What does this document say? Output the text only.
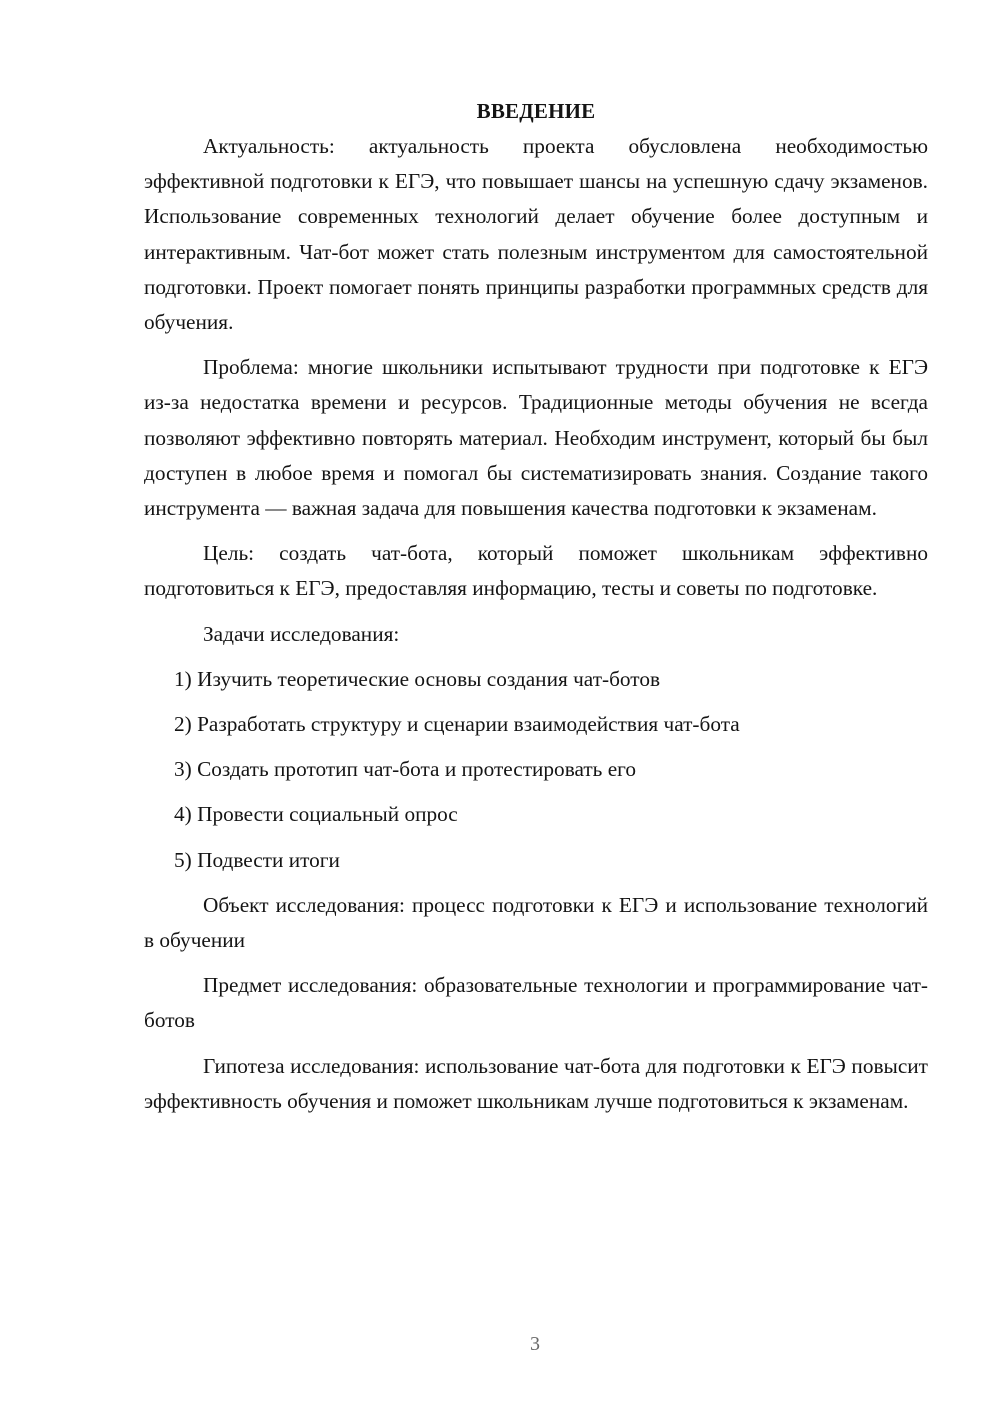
ВВЕДЕНИЕ

Актуальность: актуальность проекта обусловлена необходимостью эффективной подготовки к ЕГЭ, что повышает шансы на успешную сдачу экзаменов. Использование современных технологий делает обучение более доступным и интерактивным. Чат-бот может стать полезным инструментом для самостоятельной подготовки. Проект помогает понять принципы разработки программных средств для обучения.

Проблема: многие школьники испытывают трудности при подготовке к ЕГЭ из-за недостатка времени и ресурсов. Традиционные методы обучения не всегда позволяют эффективно повторять материал. Необходим инструмент, который бы был доступен в любое время и помогал бы систематизировать знания. Создание такого инструмента — важная задача для повышения качества подготовки к экзаменам.

Цель: создать чат-бота, который поможет школьникам эффективно подготовиться к ЕГЭ, предоставляя информацию, тесты и советы по подготовке.

Задачи исследования:

1) Изучить теоретические основы создания чат-ботов

2) Разработать структуру и сценарии взаимодействия чат-бота

3) Создать прототип чат-бота и протестировать его

4) Провести социальный опрос

5) Подвести итоги

Объект исследования: процесс подготовки к ЕГЭ и использование технологий в обучении

Предмет исследования: образовательные технологии и программирование чат-ботов

Гипотеза исследования: использование чат-бота для подготовки к ЕГЭ повысит эффективность обучения и поможет школьникам лучше подготовиться к экзаменам.

3
